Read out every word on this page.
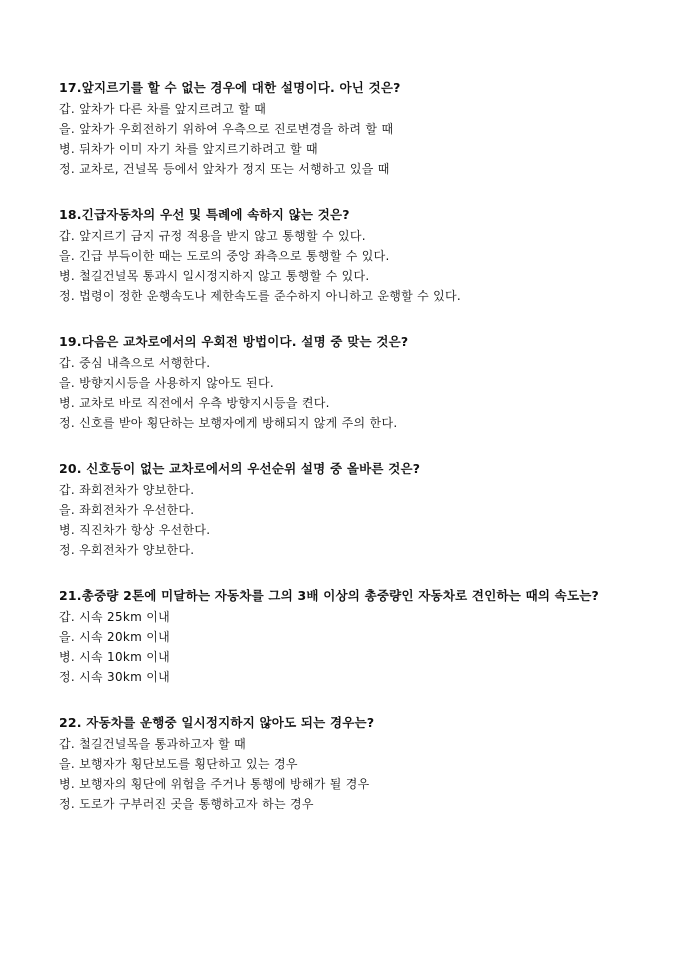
17.앞지르기를 할 수 없는 경우에 대한 설명이다. 아닌 것은?

갑. 앞차가 다른 차를 앞지르려고 할 때

을. 앞차가 우회전하기 위하여 우측으로 진로변경을 하려 할 때

병. 뒤차가 이미 자기 차를 앞지르기하려고 할 때

정. 교차로, 건널목 등에서 앞차가 정지 또는 서행하고 있을 때

18.긴급자동차의 우선 및 특례에 속하지 않는 것은?

갑. 앞지르기 금지 규정 적용을 받지 않고 통행할 수 있다.

을. 긴급 부득이한 때는 도로의 중앙 좌측으로 통행할 수 있다.

병. 철길건널목 통과시 일시정지하지 않고 통행할 수 있다.

정. 법령이 정한 운행속도나 제한속도를 준수하지 아니하고 운행할 수 있다.

19.다음은 교차로에서의 우회전 방법이다. 설명 중 맞는 것은?

갑. 중심 내측으로 서행한다.

을. 방향지시등을 사용하지 않아도 된다.

병. 교차로 바로 직전에서 우측 방향지시등을 켠다.

정. 신호를 받아 횡단하는 보행자에게 방해되지 않게 주의 한다.

20. 신호등이 없는 교차로에서의 우선순위 설명 중 올바른 것은?

갑. 좌회전차가 양보한다.

을. 좌회전차가 우선한다.

병. 직진차가 항상 우선한다.

정. 우회전차가 양보한다.

21.총중량 2톤에 미달하는 자동차를 그의 3배 이상의 총중량인 자동차로 견인하는 때의 속도는?

갑. 시속 25km 이내

을. 시속 20km 이내

병. 시속 10km 이내

정. 시속 30km 이내

22. 자동차를 운행중 일시정지하지 않아도 되는 경우는?

갑. 철길건널목을 통과하고자 할 때

을. 보행자가 횡단보도를 횡단하고 있는 경우

병. 보행자의 횡단에 위험을 주거나 통행에 방해가 될 경우

정. 도로가 구부러진 곳을 통행하고자 하는 경우
